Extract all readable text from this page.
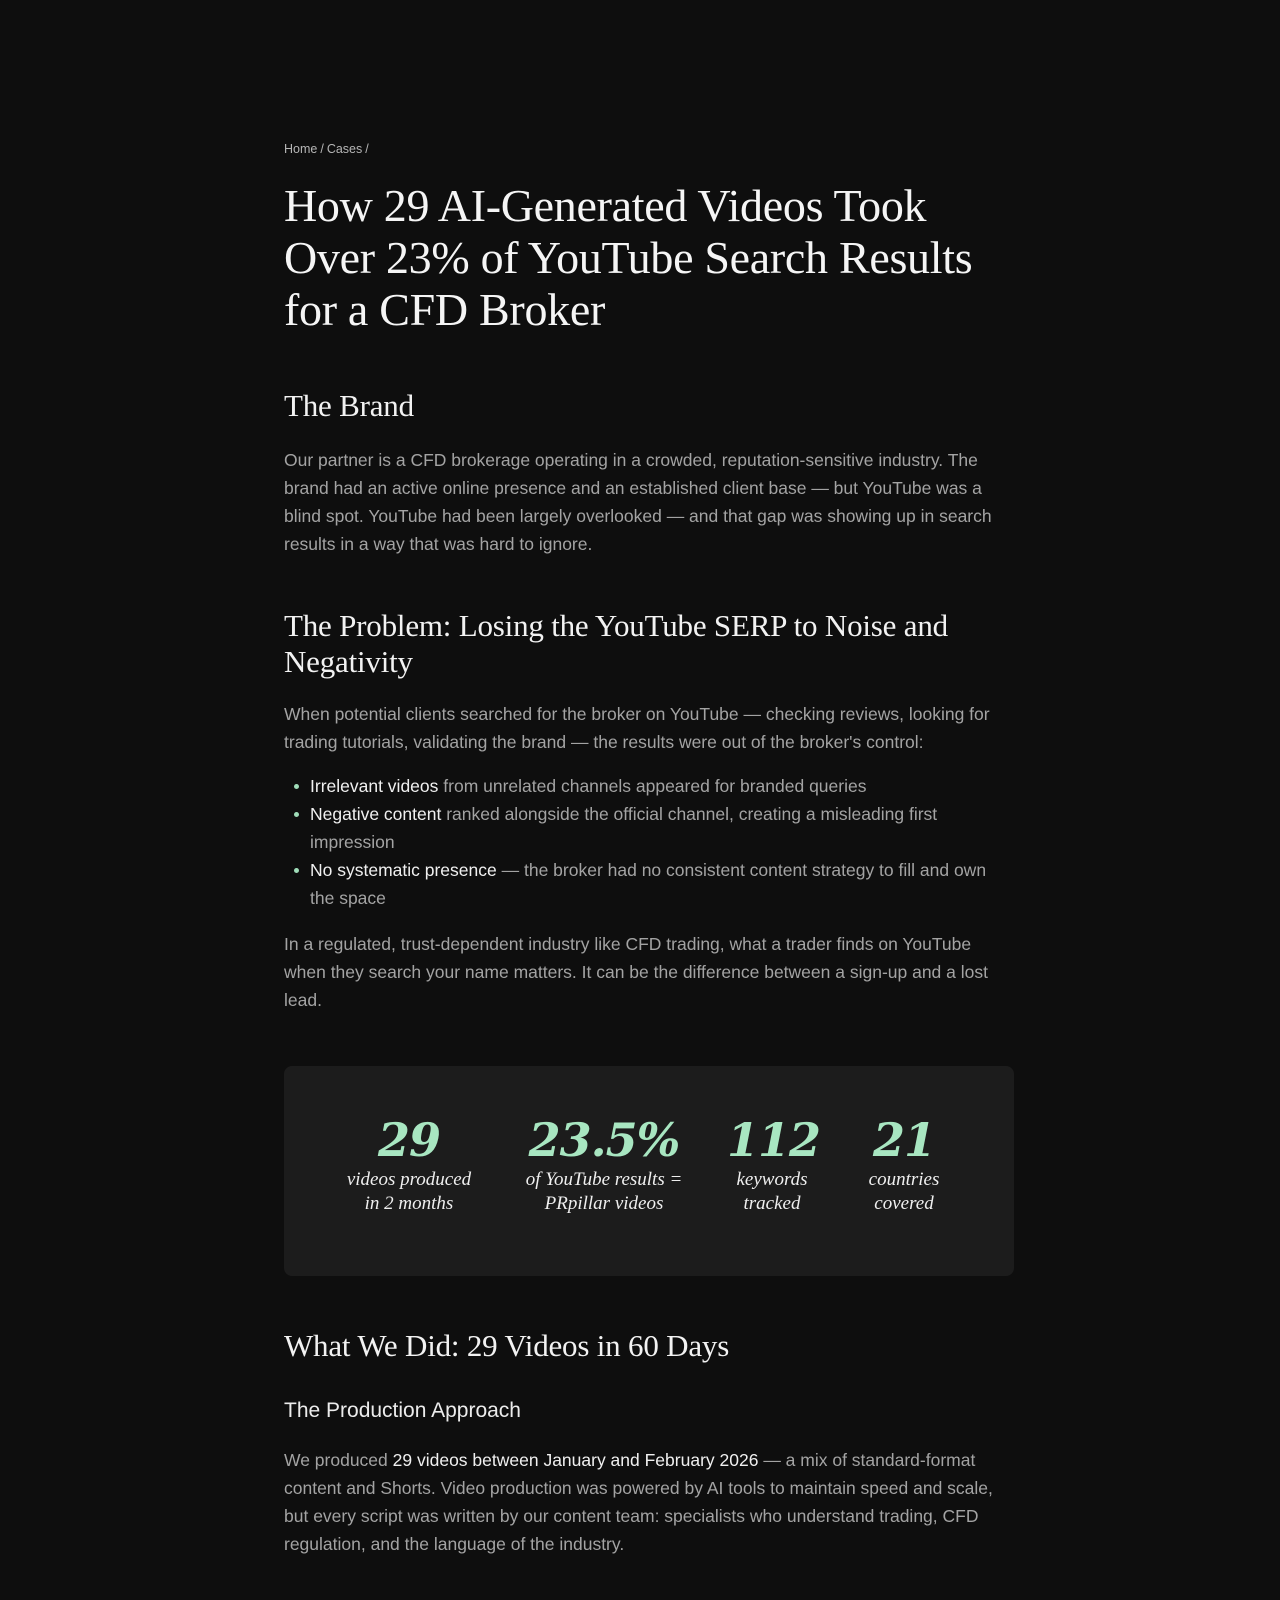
Home / Cases /
How 29 AI-Generated Videos Took Over 23% of YouTube Search Results for a CFD Broker
The Brand

Our partner is a CFD brokerage operating in a crowded, reputation-sensitive industry. The brand had an active online presence and an established client base — but YouTube was a blind spot. YouTube had been largely overlooked — and that gap was showing up in search results in a way that was hard to ignore.

The Problem: Losing the YouTube SERP to Noise and Negativity

When potential clients searched for the broker on YouTube — checking reviews, looking for trading tutorials, validating the brand — the results were out of the broker's control:

Irrelevant videos from unrelated channels appeared for branded queries
Negative content ranked alongside the official channel, creating a misleading first impression
No systematic presence — the broker had no consistent content strategy to fill and own the space

In a regulated, trust-dependent industry like CFD trading, what a trader finds on YouTube when they search your name matters. It can be the difference between a sign-up and a lost lead.

29
videos produced
in 2 months
23.5%
of YouTube results =
PRpillar videos
112
keywords
tracked
21
countries
covered
What We Did: 29 Videos in 60 Days
The Production Approach

We produced 29 videos between January and February 2026 — a mix of standard-format content and Shorts. Video production was powered by AI tools to maintain speed and scale, but every script was written by our content team: specialists who understand trading, CFD regulation, and the language of the industry.
